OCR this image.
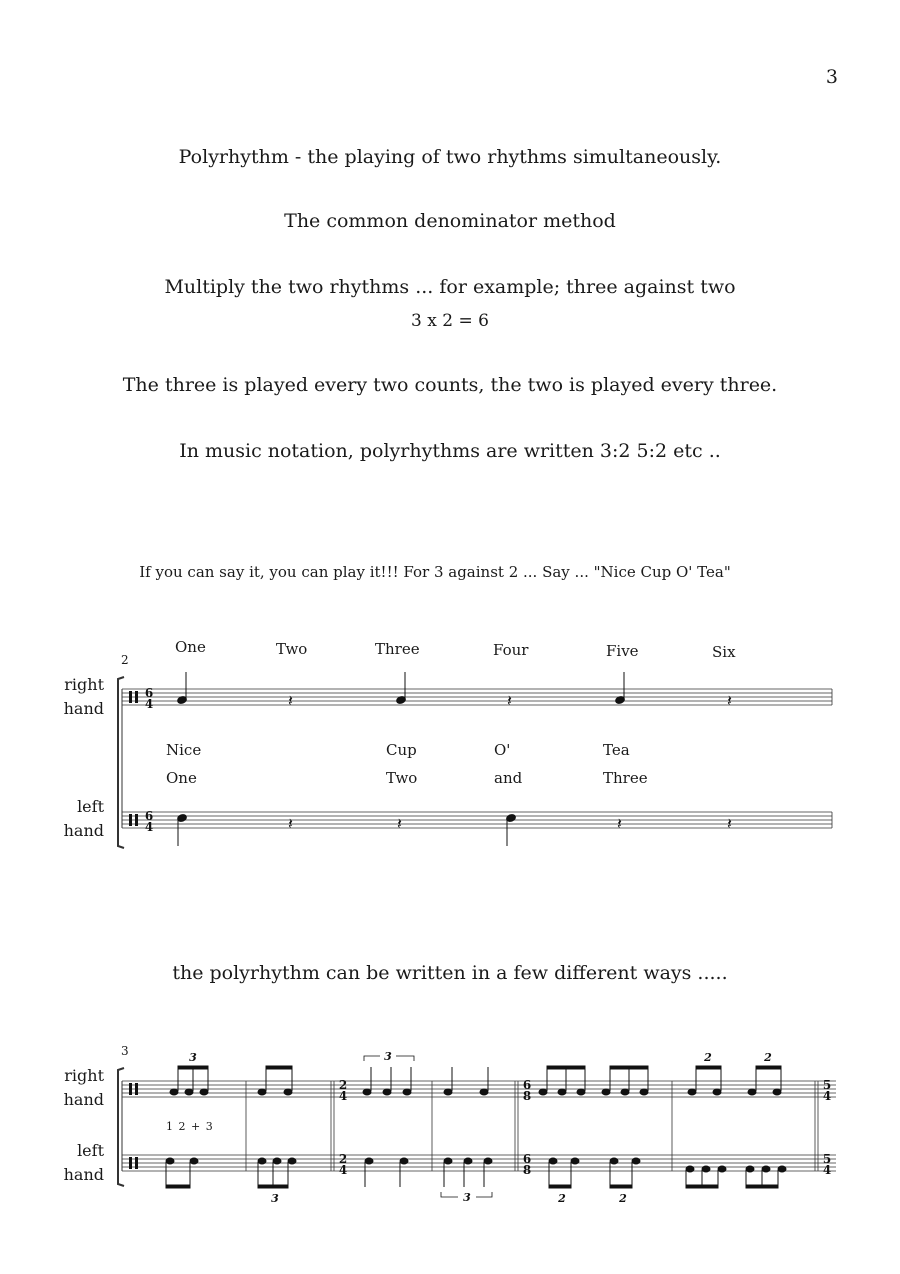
3
Polyrhythm - the playing of two rhythms simultaneously.
The common denominator method
Multiply the two rhythms ... for example; three against two
3 x 2 = 6
The three is played every two counts, the two is played every three.
In music notation, polyrhythms are written 3:2 5:2 etc ..
If you can say it, you can play it!!! For 3 against 2 ... Say ... "Nice Cup O' Tea"
the polyrhythm can be written in a few different ways .....
2
One	Two	Three	Four	Five	Six
right
hand
left
hand
Nice	Cup	O'	Tea
One	Two	and	Three
3
right
hand
left
hand
1 2 + 3
6
4
6
4
𝄽	𝄽	𝄽
𝄽	𝄽	𝄽	𝄽
2
4
2
4
6
8
6
8
5
4
5
4
3	3	2	2
3	3	2	2
